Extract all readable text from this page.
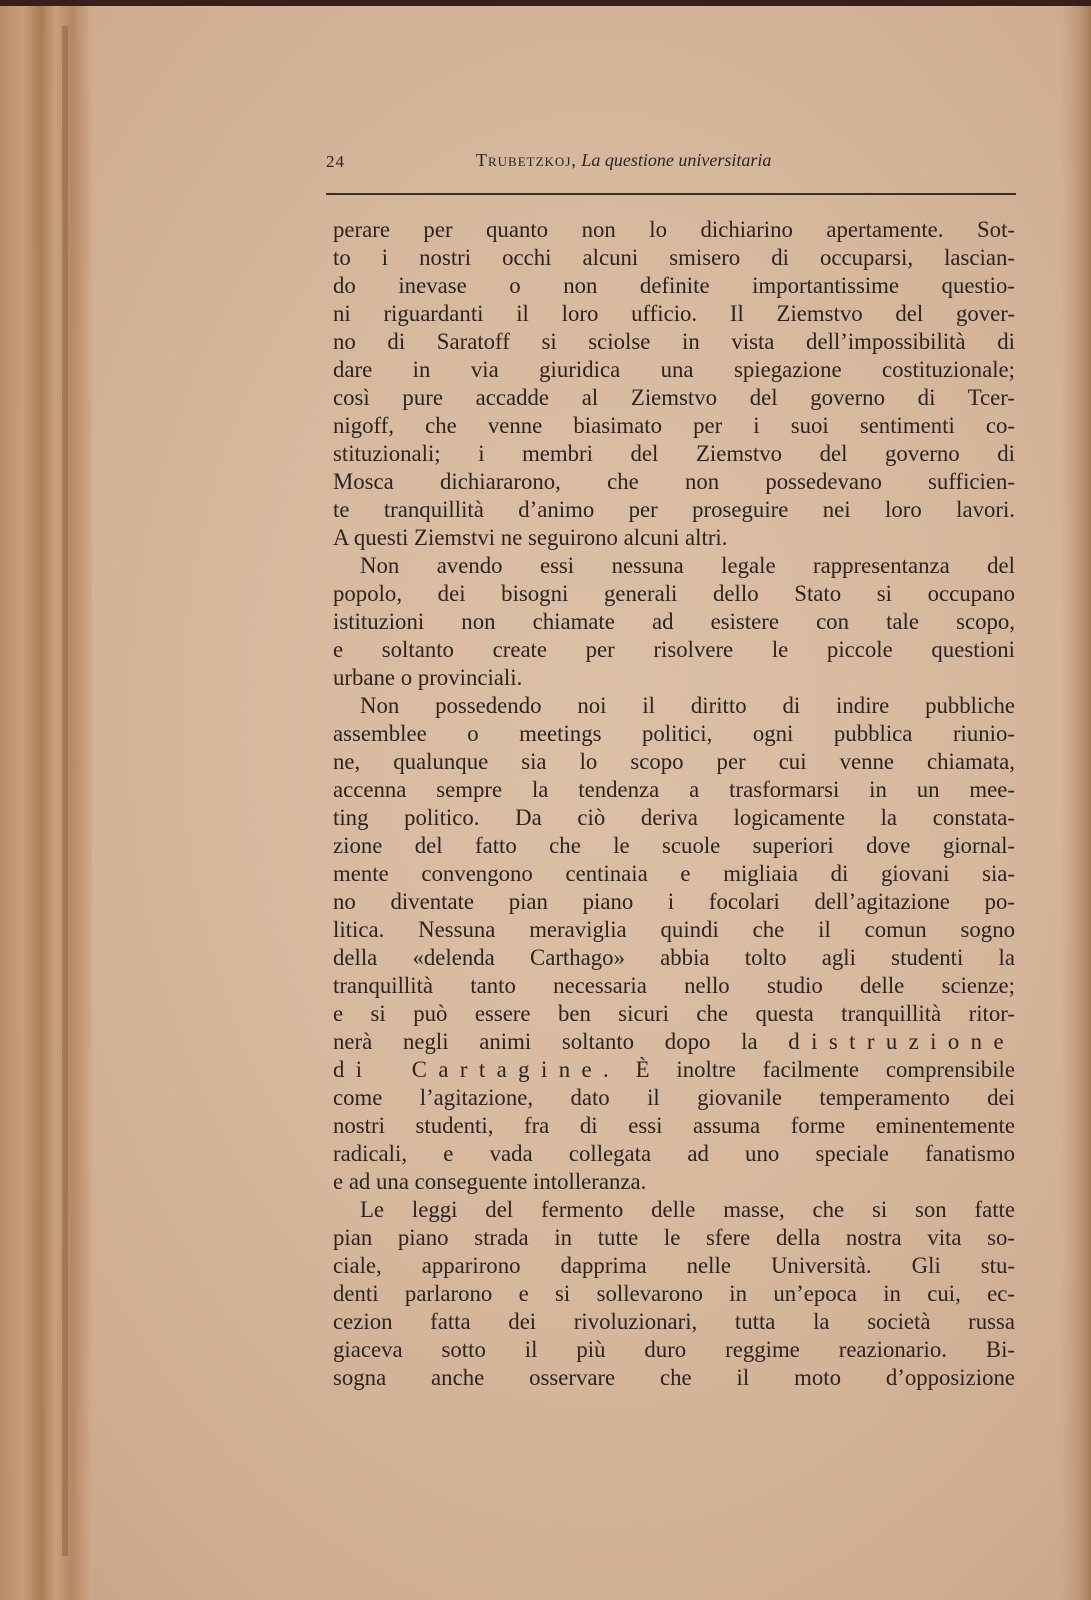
24	Trubetzkoj, La questione universitaria
perare per quanto non lo dichiarino apertamente. Sot-
to i nostri occhi alcuni smisero di occuparsi, lascian-
do inevase o non definite importantissime questio-
ni riguardanti il loro ufficio. Il Ziemstvo del gover-
no di Saratoff si sciolse in vista dell’impossibilità di
dare in via giuridica una spiegazione costituzionale;
così pure accadde al Ziemstvo del governo di Tcer-
nigoff, che venne biasimato per i suoi sentimenti co-
stituzionali; i membri del Ziemstvo del governo di
Mosca dichiararono, che non possedevano sufficien-
te tranquillità d’animo per proseguire nei loro lavori.
A questi Ziemstvi ne seguirono alcuni altri.
Non avendo essi nessuna legale rappresentanza del
popolo, dei bisogni generali dello Stato si occupano
istituzioni non chiamate ad esistere con tale scopo,
e soltanto create per risolvere le piccole questioni
urbane o provinciali.
Non possedendo noi il diritto di indire pubbliche
assemblee o meetings politici, ogni pubblica riunio-
ne, qualunque sia lo scopo per cui venne chiamata,
accenna sempre la tendenza a trasformarsi in un mee-
ting politico. Da ciò deriva logicamente la constata-
zione del fatto che le scuole superiori dove giornal-
mente convengono centinaia e migliaia di giovani sia-
no diventate pian piano i focolari dell’agitazione po-
litica. Nessuna meraviglia quindi che il comun sogno
della «delenda Carthago» abbia tolto agli studenti la
tranquillità tanto necessaria nello studio delle scienze;
e si può essere ben sicuri che questa tranquillità ritor-
nerà negli animi soltanto dopo la distruzione
di Cartagine. È inoltre facilmente comprensibile
come l’agitazione, dato il giovanile temperamento dei
nostri studenti, fra di essi assuma forme eminentemente
radicali, e vada collegata ad uno speciale fanatismo
e ad una conseguente intolleranza.
Le leggi del fermento delle masse, che si son fatte
pian piano strada in tutte le sfere della nostra vita so-
ciale, apparirono dapprima nelle Università. Gli stu-
denti parlarono e si sollevarono in un’epoca in cui, ec-
cezion fatta dei rivoluzionari, tutta la società russa
giaceva sotto il più duro reggime reazionario. Bi-
sogna anche osservare che il moto d’opposizione
